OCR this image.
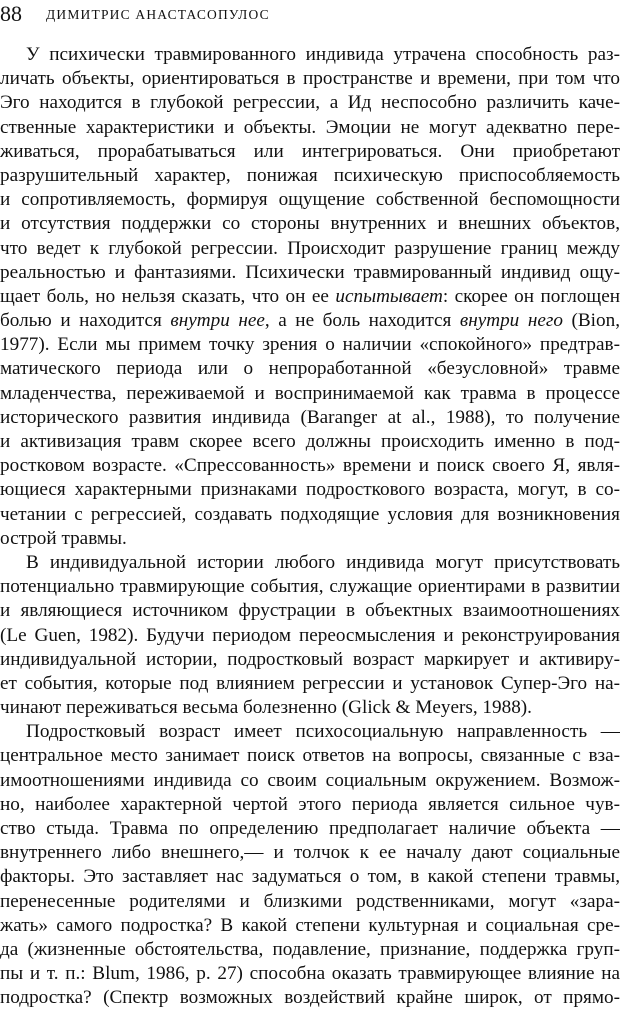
88 ДИМИТРИС АНАСТАСОПУЛОС
У психически травмированного индивида утрачена способность раз-
личать объекты, ориентироваться в пространстве и времени, при том что
Эго находится в глубокой регрессии, а Ид неспособно различить каче-
ственные характеристики и объекты. Эмоции не могут адекватно пере-
живаться, прорабатываться или интегрироваться. Они приобретают
разрушительный характер, понижая психическую приспособляемость
и сопротивляемость, формируя ощущение собственной беспомощности
и отсутствия поддержки со стороны внутренних и внешних объектов,
что ведет к глубокой регрессии. Происходит разрушение границ между
реальностью и фантазиями. Психически травмированный индивид ощу-
щает боль, но нельзя сказать, что он ее испытывает: скорее он поглощен
болью и находится внутри нее, а не боль находится внутри него (Bion,
1977). Если мы примем точку зрения о наличии «спокойного» предтрав-
матического периода или о непроработанной «безусловной» травме
младенчества, переживаемой и воспринимаемой как травма в процессе
исторического развития индивида (Baranger at al., 1988), то получение
и активизация травм скорее всего должны происходить именно в под-
ростковом возрасте. «Спрессованность» времени и поиск своего Я, явля-
ющиеся характерными признаками подросткового возраста, могут, в со-
четании с регрессией, создавать подходящие условия для возникновения
острой травмы.
В индивидуальной истории любого индивида могут присутствовать
потенциально травмирующие события, служащие ориентирами в развитии
и являющиеся источником фрустрации в объектных взаимоотношениях
(Le Guen, 1982). Будучи периодом переосмысления и реконструирования
индивидуальной истории, подростковый возраст маркирует и активиру-
ет события, которые под влиянием регрессии и установок Супер-Эго на-
чинают переживаться весьма болезненно (Glick & Meyers, 1988).
Подростковый возраст имеет психосоциальную направленность —
центральное место занимает поиск ответов на вопросы, связанные с вза-
имоотношениями индивида со своим социальным окружением. Возмож-
но, наиболее характерной чертой этого периода является сильное чув-
ство стыда. Травма по определению предполагает наличие объекта —
внутреннего либо внешнего,— и толчок к ее началу дают социальные
факторы. Это заставляет нас задуматься о том, в какой степени травмы,
перенесенные родителями и близкими родственниками, могут «зара-
жать» самого подростка? В какой степени культурная и социальная сре-
да (жизненные обстоятельства, подавление, признание, поддержка груп-
пы и т. п.: Blum, 1986, p. 27) способна оказать травмирующее влияние на
подростка? (Спектр возможных воздействий крайне широк, от прямо-
